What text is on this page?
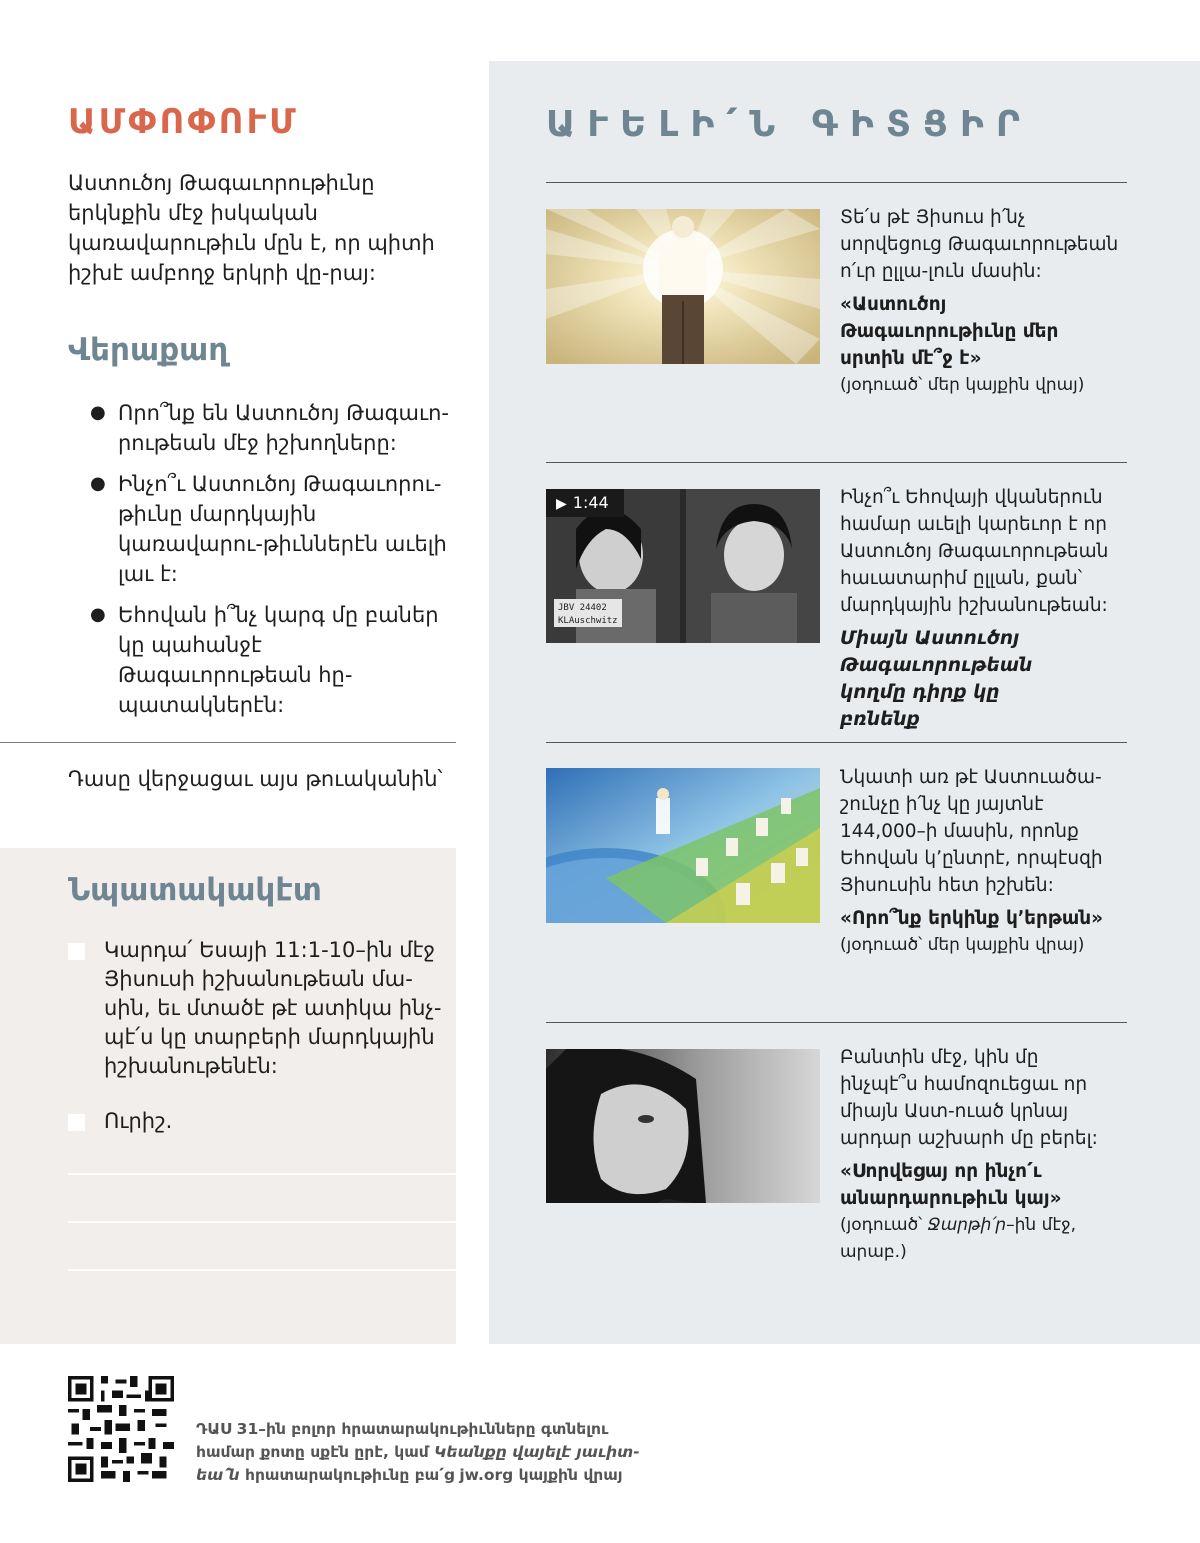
ԱՄՓՈՓՈՒՄ

Աստուծոյ Թագաւորութիւնը երկնքին մէջ իսկական կառավարութիւն մըն է, որ պիտի իշխէ ամբողջ երկրի վը-րայ:

Վերաքաղ
● Որո՞նք են Աստուծոյ Թագաւո-րութեան մէջ իշխողները:
● Ինչո՞ւ Աստուծոյ Թագաւորու-թիւնը մարդկային կառավարու-թիւններէն աւելի լաւ է:
● Եհովան ի՞նչ կարգ մը բաներ կը պահանջէ Թագաւորութեան հը-պատակներէն:

Դասը վերջացաւ այս թուականին՝

Նպատակակէտ
Կարդա՛ Եսայի 11:1-10–ին մէջ Յիսուսի իշխանութեան մա-սին, եւ մտածէ թէ ատիկա ինչ-պէ՛ս կը տարբերի մարդկային իշխանութենէն:
Ուրիշ.
ԱՒԵԼԻ՛Ն ԳԻՏՑԻՐ
Տե՛ս թէ Յիսուս ի՛նչ սորվեցուց Թագաւորութեան ո՛ւր ըլլա-լուն մասին:
«Աստուծոյ Թագաւորութիւնը մեր սրտին մէ՞ջ է»
(յօդուած՝ մեր կայքին վրայ)
JBV 24402
KLAuschwitz
▶ 1:44	Ինչո՞ւ Եհովայի վկաներուն համար աւելի կարեւոր է որ Աստուծոյ Թագաւորութեան հաւատարիմ ըլլան, քան՝ մարդկային իշխանութեան:
Միայն Աստուծոյ Թագաւորութեան կողմը դիրք կը բռնենք
Նկատի առ թէ Աստուածա-շունչը ի՛նչ կը յայտնէ 144,000–ի մասին, որոնք Եհովան կ՚ընտրէ, որպէսզի Յիսուսին հետ իշխեն:
«Որո՞նք երկինք կ՚երթան»
(յօդուած՝ մեր կայքին վրայ)
Բանտին մէջ, կին մը ինչպէ՞ս համոզուեցաւ որ միայն Աստ-ուած կրնայ արդար աշխարհ մը բերել:
«Սորվեցայ որ ինչո՛ւ անարդարութիւն կայ»
(յօդուած՝ Ջարթի՛ր–ին մէջ, արաբ.)
ԴԱՍ 31–ին բոլոր հրատարակութիւնները գտնելու համար քոտը սքէն ըրէ, կամ Կեանքը վայելէ յաւիտ-եա՛ն հրատարակութիւնը բա՛ց jw.org կայքին վրայ
